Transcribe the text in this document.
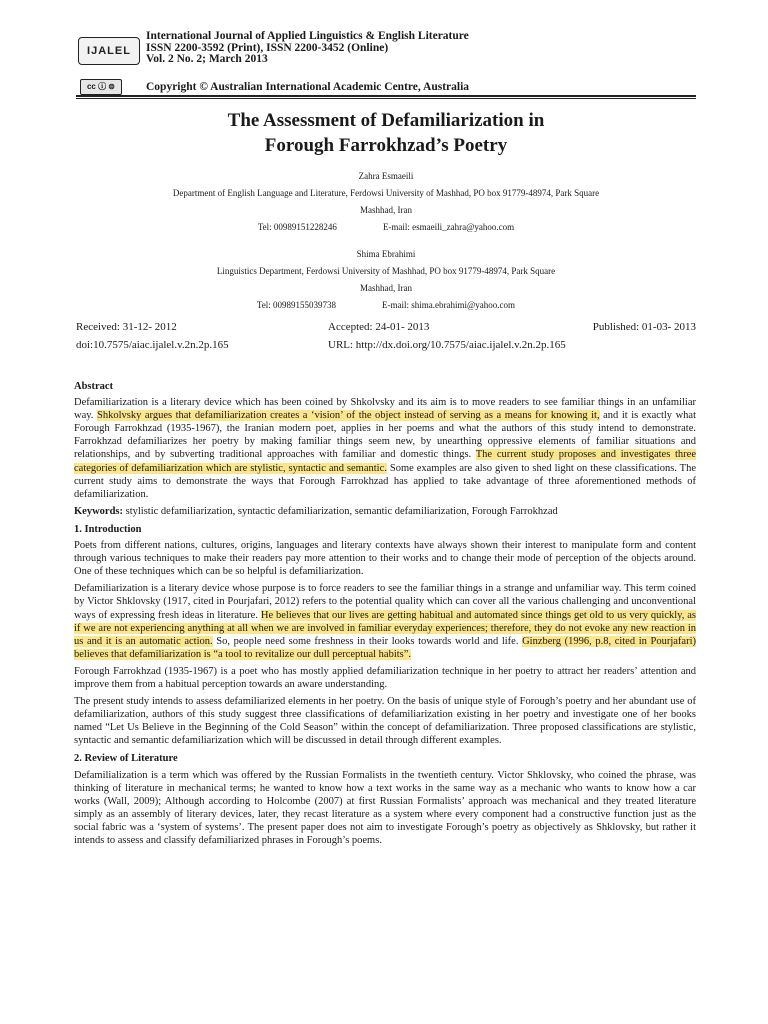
IJALEL
International Journal of Applied Linguistics & English Literature
ISSN 2200-3592 (Print), ISSN 2200-3452 (Online)
Vol. 2 No. 2; March 2013
cc ⓘ ⊜	Copyright © Australian International Academic Centre, Australia
The Assessment of Defamiliarization in
Forough Farrokhzad’s Poetry
Zahra Esmaeili
Department of English Language and Literature, Ferdowsi University of Mashhad, PO box 91779-48974, Park Square
Mashhad, Iran
Tel: 00989151228246	E-mail: esmaeili_zahra@yahoo.com
Shima Ebrahimi
Linguistics Department, Ferdowsi University of Mashhad, PO box 91779-48974, Park Square
Mashhad, Iran
Tel: 00989155039738	E-mail: shima.ebrahimi@yahoo.com
Received: 31-12- 2012	Accepted: 24-01- 2013	Published: 01-03- 2013
doi:10.7575/aiac.ijalel.v.2n.2p.165	URL: http://dx.doi.org/10.7575/aiac.ijalel.v.2n.2p.165
Abstract

Defamiliarization is a literary device which has been coined by Shkolvsky and its aim is to move readers to see familiar things in an unfamiliar way. Shkolvsky argues that defamiliarization creates a ‘vision’ of the object instead of serving as a means for knowing it, and it is exactly what Forough Farrokhzad (1935-1967), the Iranian modern poet, applies in her poems and what the authors of this study intend to demonstrate. Farrokhzad defamiliarizes her poetry by making familiar things seem new, by unearthing oppressive elements of familiar situations and relationships, and by subverting traditional approaches with familiar and domestic things. The current study proposes and investigates three categories of defamiliarization which are stylistic, syntactic and semantic. Some examples are also given to shed light on these classifications. The current study aims to demonstrate the ways that Forough Farrokhzad has applied to take advantage of three aforementioned methods of defamiliarization.

Keywords: stylistic defamiliarization, syntactic defamiliarization, semantic defamiliarization, Forough Farrokhzad

1. Introduction

Poets from different nations, cultures, origins, languages and literary contexts have always shown their interest to manipulate form and content through various techniques to make their readers pay more attention to their works and to change their mode of perception of the objects around. One of these techniques which can be so helpful is defamiliarization.

Defamiliarization is a literary device whose purpose is to force readers to see the familiar things in a strange and unfamiliar way. This term coined by Victor Shklovsky (1917, cited in Pourjafari, 2012) refers to the potential quality which can cover all the various challenging and unconventional ways of expressing fresh ideas in literature. He believes that our lives are getting habitual and automated since things get old to us very quickly, as if we are not experiencing anything at all when we are involved in familiar everyday experiences; therefore, they do not evoke any new reaction in us and it is an automatic action. So, people need some freshness in their looks towards world and life. Ginzberg (1996, p.8, cited in Pourjafari) believes that defamiliarization is “a tool to revitalize our dull perceptual habits”.

Forough Farrokhzad (1935-1967) is a poet who has mostly applied defamiliarization technique in her poetry to attract her readers’ attention and improve them from a habitual perception towards an aware understanding.

The present study intends to assess defamiliarized elements in her poetry. On the basis of unique style of Forough’s poetry and her abundant use of defamiliarization, authors of this study suggest three classifications of defamiliarization existing in her poetry and investigate one of her books named “Let Us Believe in the Beginning of the Cold Season” within the concept of defamiliarization. Three proposed classifications are stylistic, syntactic and semantic defamiliarization which will be discussed in detail through different examples.

2. Review of Literature

Defamilialization is a term which was offered by the Russian Formalists in the twentieth century. Victor Shklovsky, who coined the phrase, was thinking of literature in mechanical terms; he wanted to know how a text works in the same way as a mechanic who wants to know how a car works (Wall, 2009); Although according to Holcombe (2007) at first Russian Formalists’ approach was mechanical and they treated literature simply as an assembly of literary devices, later, they recast literature as a system where every component had a constructive function just as the social fabric was a ‘system of systems’. The present paper does not aim to investigate Forough’s poetry as objectively as Shklovsky, but rather it intends to assess and classify defamiliarized phrases in Forough’s poems.
